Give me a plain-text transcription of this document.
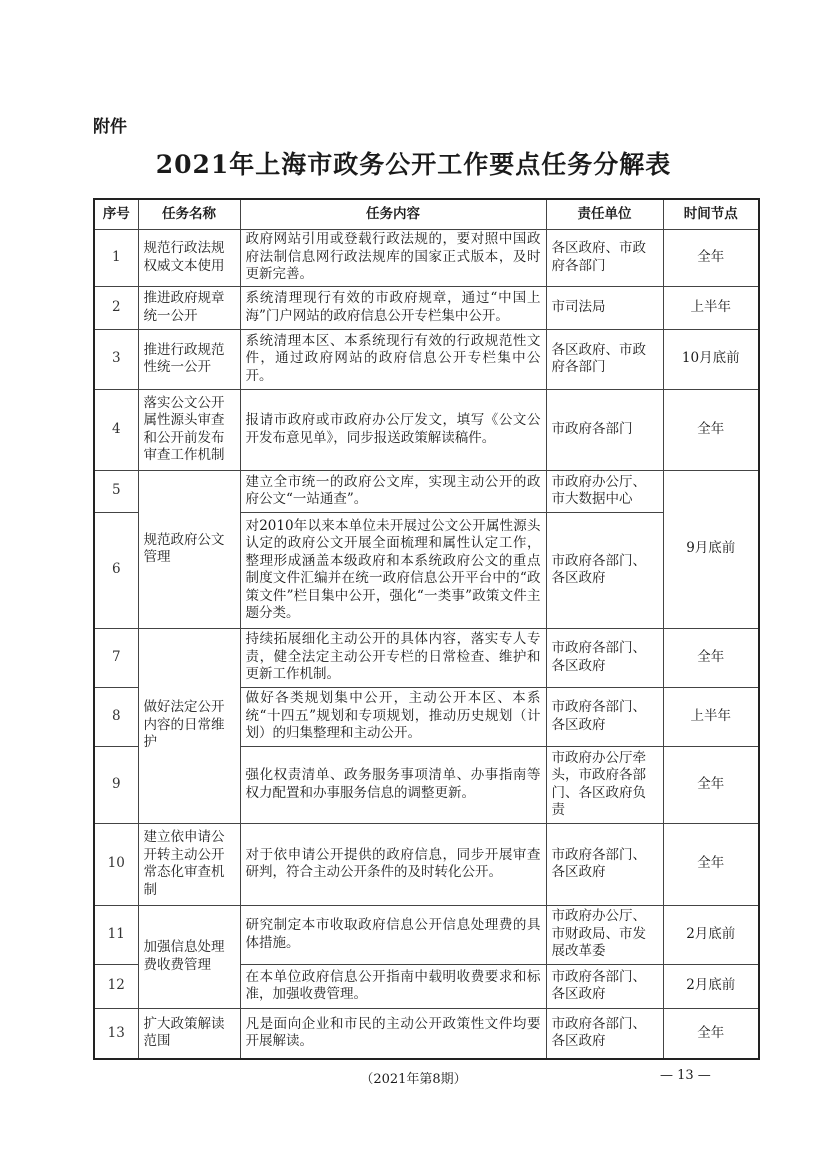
附件
2021年上海市政务公开工作要点任务分解表
序号	任务名称	任务内容	责任单位	时间节点
1	规范行政法规权威文本使用	政府网站引用或登载行政法规的，要对照中国政府法制信息网行政法规库的国家正式版本，及时更新完善。	各区政府、市政府各部门	全年
2	推进政府规章统一公开	系统清理现行有效的市政府规章，通过“中国上海”门户网站的政府信息公开专栏集中公开。	市司法局	上半年
3	推进行政规范性统一公开	系统清理本区、本系统现行有效的行政规范性文件，通过政府网站的政府信息公开专栏集中公开。	各区政府、市政府各部门	10月底前
4	落实公文公开属性源头审查和公开前发布审查工作机制	报请市政府或市政府办公厅发文，填写《公文公开发布意见单》，同步报送政策解读稿件。	市政府各部门	全年
5	规范政府公文管理	建立全市统一的政府公文库，实现主动公开的政府公文“一站通查”。	市政府办公厅、市大数据中心	9月底前
6		对2010年以来本单位未开展过公文公开属性源头认定的政府公文开展全面梳理和属性认定工作，整理形成涵盖本级政府和本系统政府公文的重点制度文件汇编并在统一政府信息公开平台中的“政策文件”栏目集中公开，强化“一类事”政策文件主题分类。	市政府各部门、各区政府	
7	做好法定公开内容的日常维护	持续拓展细化主动公开的具体内容，落实专人专责，健全法定主动公开专栏的日常检查、维护和更新工作机制。	市政府各部门、各区政府	全年
8		做好各类规划集中公开，主动公开本区、本系统“十四五”规划和专项规划，推动历史规划（计划）的归集整理和主动公开。	市政府各部门、各区政府	上半年
9		强化权责清单、政务服务事项清单、办事指南等权力配置和办事服务信息的调整更新。	市政府办公厅牵头，市政府各部门、各区政府负责	全年
10	建立依申请公开转主动公开常态化审查机制	对于依申请公开提供的政府信息，同步开展审查研判，符合主动公开条件的及时转化公开。	市政府各部门、各区政府	全年
11	加强信息处理费收费管理	研究制定本市收取政府信息公开信息处理费的具体措施。	市政府办公厅、市财政局、市发展改革委	2月底前
12		在本单位政府信息公开指南中载明收费要求和标准，加强收费管理。	市政府各部门、各区政府	2月底前
13	扩大政策解读范围	凡是面向企业和市民的主动公开政策性文件均要开展解读。	市政府各部门、各区政府	全年
（2021年第8期）	— 13 —
